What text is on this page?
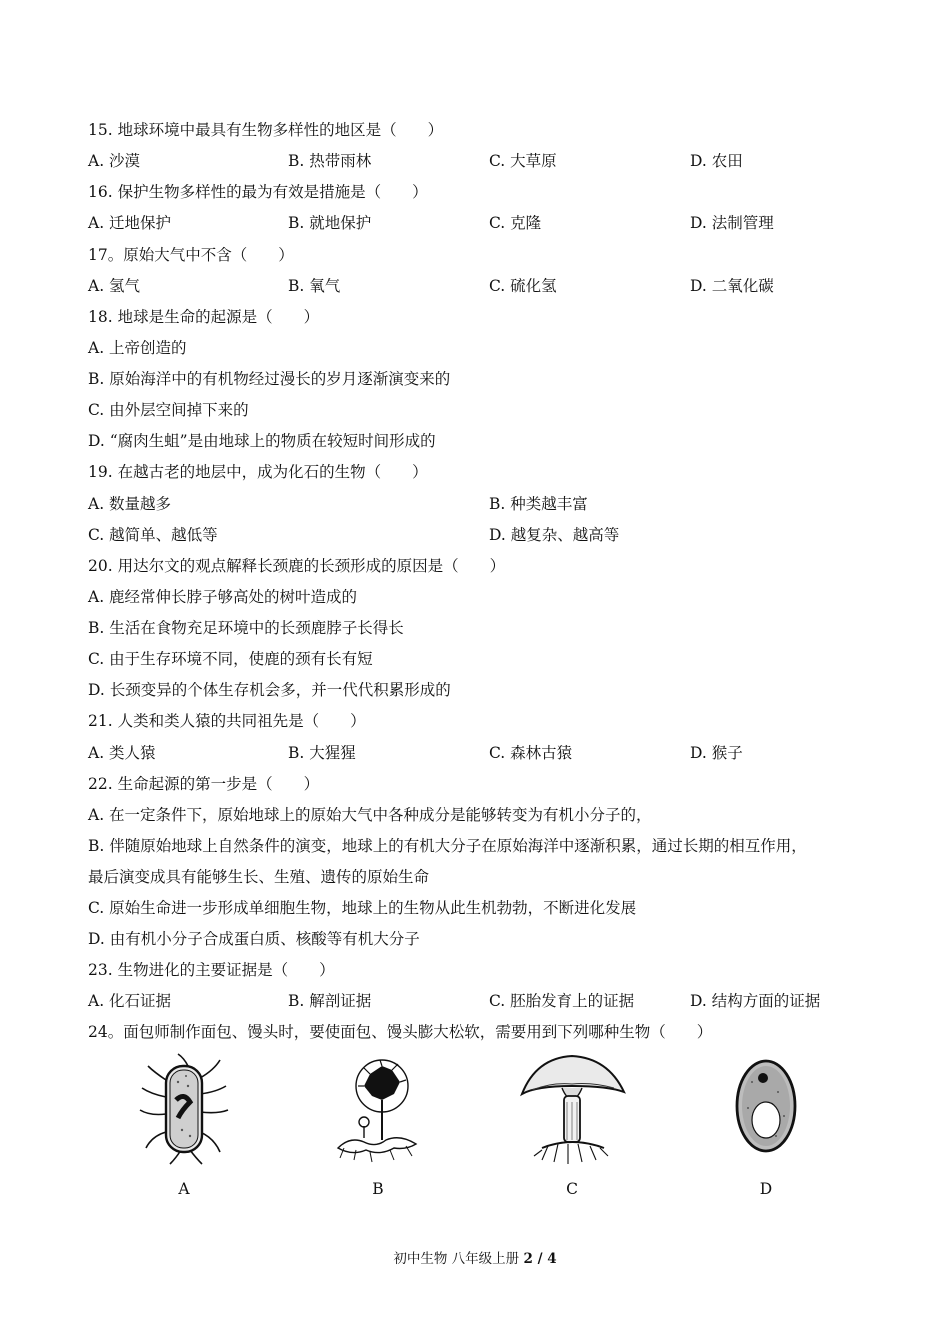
15. 地球环境中最具有生物多样性的地区是（　　）
A. 沙漠	B. 热带雨林	C. 大草原	D. 农田
16. 保护生物多样性的最为有效是措施是（　　）
A. 迁地保护	B. 就地保护	C. 克隆	D. 法制管理
17。原始大气中不含（　　）
A. 氢气	B. 氧气	C. 硫化氢	D. 二氧化碳
18. 地球是生命的起源是（　　）
A. 上帝创造的
B. 原始海洋中的有机物经过漫长的岁月逐渐演变来的
C. 由外层空间掉下来的
D. “腐肉生蛆”是由地球上的物质在较短时间形成的
19. 在越古老的地层中，成为化石的生物（　　）
A. 数量越多	B. 种类越丰富
C. 越简单、越低等	D. 越复杂、越高等
20. 用达尔文的观点解释长颈鹿的长颈形成的原因是（　　）
A. 鹿经常伸长脖子够高处的树叶造成的
B. 生活在食物充足环境中的长颈鹿脖子长得长
C. 由于生存环境不同，使鹿的颈有长有短
D. 长颈变异的个体生存机会多，并一代代积累形成的
21. 人类和类人猿的共同祖先是（　　）
A. 类人猿	B. 大猩猩	C. 森林古猿	D. 猴子
22. 生命起源的第一步是（　　）
A. 在一定条件下，原始地球上的原始大气中各种成分是能够转变为有机小分子的，
B. 伴随原始地球上自然条件的演变，地球上的有机大分子在原始海洋中逐渐积累，通过长期的相互作用，
最后演变成具有能够生长、生殖、遗传的原始生命
C. 原始生命进一步形成单细胞生物，地球上的生物从此生机勃勃，不断进化发展
D. 由有机小分子合成蛋白质、核酸等有机大分子
23. 生物进化的主要证据是（　　）
A. 化石证据	B. 解剖证据	C. 胚胎发育上的证据	D. 结构方面的证据
24。面包师制作面包、馒头时，要使面包、馒头膨大松软，需要用到下列哪种生物（　　）
A	B	C	D
初中生物 八年级上册 2 / 4
